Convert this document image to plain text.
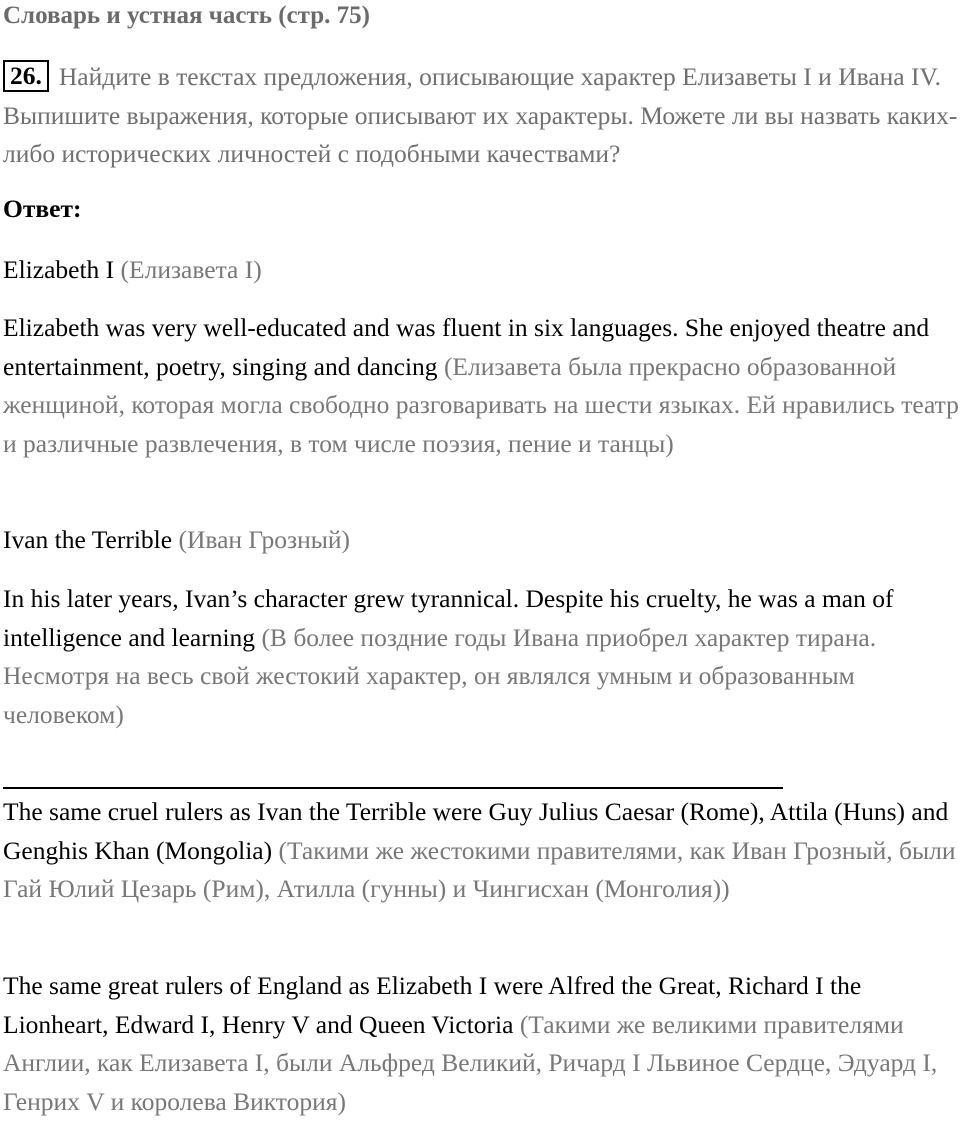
Словарь и устная часть (стр. 75)
26. Найдите в текстах предложения, описывающие характер Елизаветы I и Ивана IV. Выпишите выражения, которые описывают их характеры. Можете ли вы назвать каких-либо исторических личностей с подобными качествами?
Ответ:

Elizabeth I (Елизавета I)

Elizabeth was very well-educated and was fluent in six languages. She enjoyed theatre and entertainment, poetry, singing and dancing (Елизавета была прекрасно образованной женщиной, которая могла свободно разговаривать на шести языках. Ей нравились театр и различные развлечения, в том числе поэзия, пение и танцы)

Ivan the Terrible (Иван Грозный)

In his later years, Ivan’s character grew tyrannical. Despite his cruelty, he was a man of intelligence and learning (В более поздние годы Ивана приобрел характер тирана. Несмотря на весь свой жестокий характер, он являлся умным и образованным человеком)

The same cruel rulers as Ivan the Terrible were Guy Julius Caesar (Rome), Attila (Huns) and Genghis Khan (Mongolia) (Такими же жестокими правителями, как Иван Грозный, были Гай Юлий Цезарь (Рим), Атилла (гунны) и Чингисхан (Монголия))

The same great rulers of England as Elizabeth I were Alfred the Great, Richard I the Lionheart, Edward I, Henry V and Queen Victoria (Такими же великими правителями Англии, как Елизавета I, были Альфред Великий, Ричард I Львиное Сердце, Эдуард I, Генрих V и королева Виктория)
